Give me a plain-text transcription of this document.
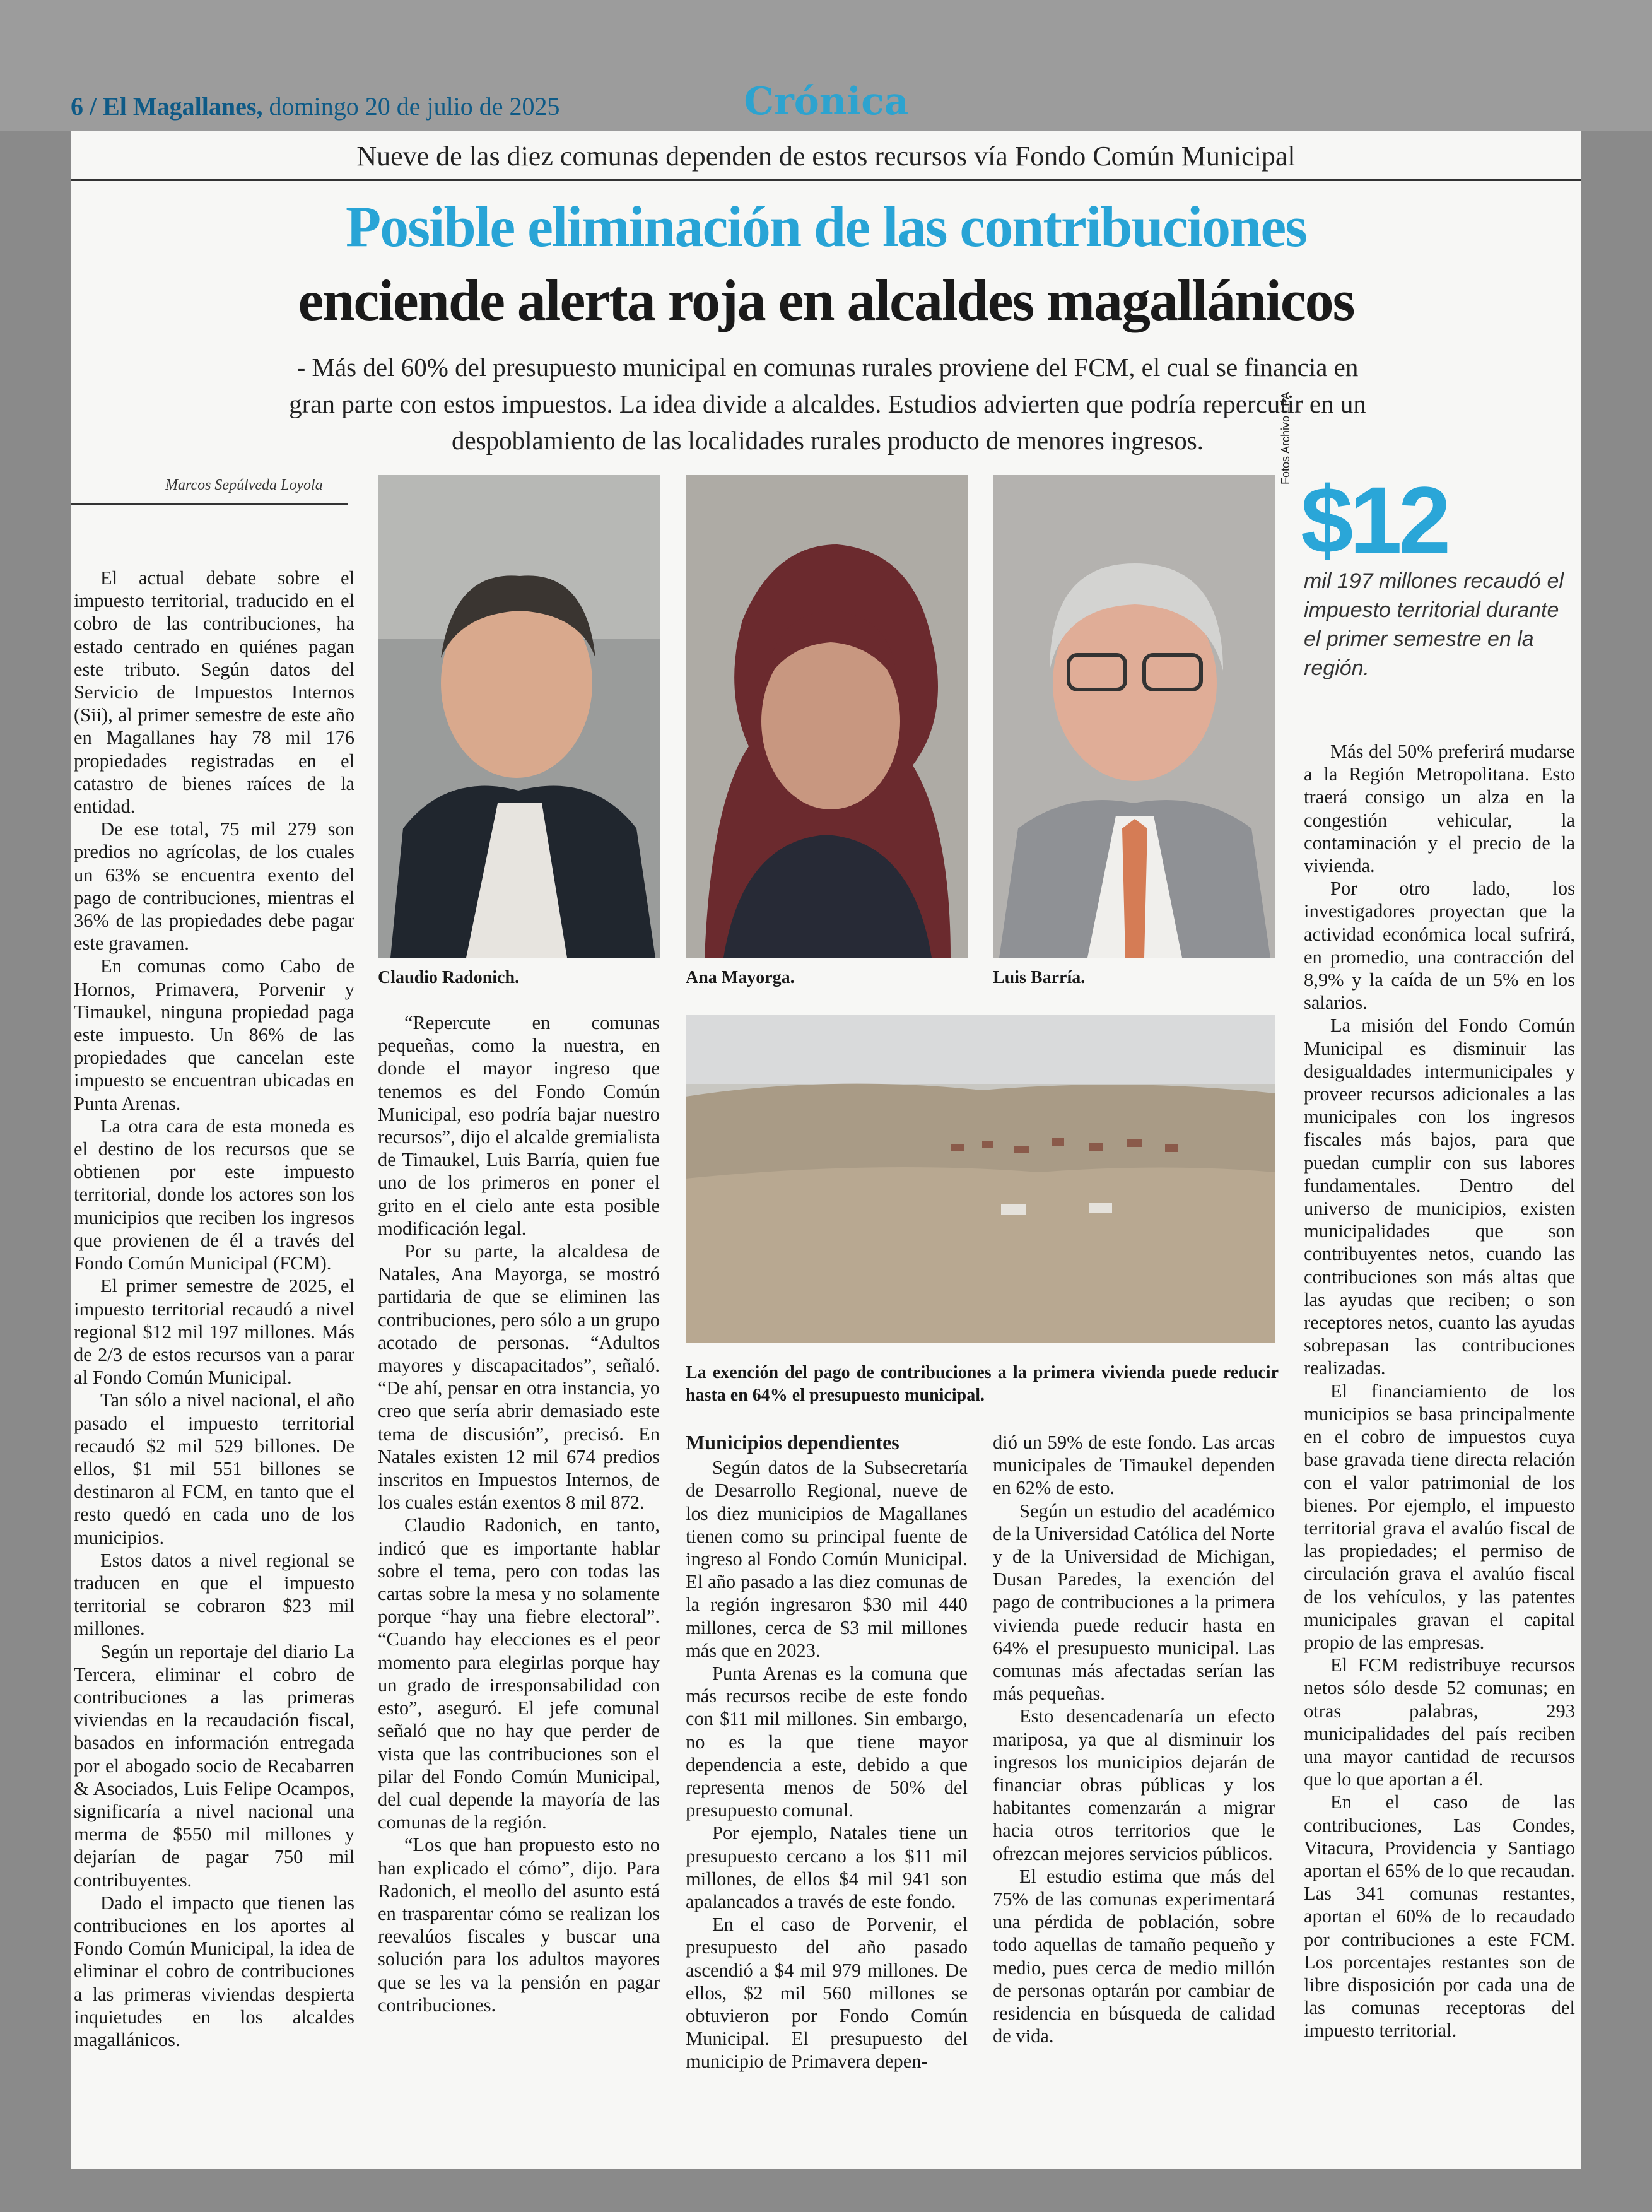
6 / El Magallanes, domingo 20 de julio de 2025	Crónica
Nueve de las diez comunas dependen de estos recursos vía Fondo Común Municipal
Posible eliminación de las contribuciones
enciende alerta roja en alcaldes magallánicos
- Más del 60% del presupuesto municipal en comunas rurales proviene del FCM, el cual se financia en gran parte con estos impuestos. La idea divide a alcaldes. Estudios advierten que podría repercutir en un despoblamiento de las localidades rurales producto de menores ingresos.
Marcos Sepúlveda Loyola

El actual debate sobre el impuesto territorial, traducido en el cobro de las contribuciones, ha estado centrado en quiénes pagan este tributo. Según datos del Servicio de Impuestos Internos (Sii), al primer semestre de este año en Magallanes hay 78 mil 176 propiedades registradas en el catastro de bienes raíces de la entidad.

De ese total, 75 mil 279 son predios no agrícolas, de los cuales un 63% se encuentra exento del pago de contribuciones, mientras el 36% de las propiedades debe pagar este gravamen.

En comunas como Cabo de Hornos, Primavera, Porvenir y Timaukel, ninguna propiedad paga este impuesto. Un 86% de las propiedades que cancelan este impuesto se encuentran ubicadas en Punta Arenas.

La otra cara de esta moneda es el destino de los recursos que se obtienen por este impuesto territorial, donde los actores son los municipios que reciben los ingresos que provienen de él a través del Fondo Común Municipal (FCM).

El primer semestre de 2025, el impuesto territorial recaudó a nivel regional $12 mil 197 millones. Más de 2/3 de estos recursos van a parar al Fondo Común Municipal.

Tan sólo a nivel nacional, el año pasado el impuesto territorial recaudó $2 mil 529 billones. De ellos, $1 mil 551 billones se destinaron al FCM, en tanto que el resto quedó en cada uno de los municipios.

Estos datos a nivel regional se traducen en que el impuesto territorial se cobraron $23 mil millones.

Según un reportaje del diario La Tercera, eliminar el cobro de contribuciones a las primeras viviendas en la recaudación fiscal, basados en información entregada por el abogado socio de Recabarren & Asociados, Luis Felipe Ocampos, significaría a nivel nacional una merma de $550 mil millones y dejarían de pagar 750 mil contribuyentes.

Dado el impacto que tienen las contribuciones en los aportes al Fondo Común Municipal, la idea de eliminar el cobro de contribuciones a las primeras viviendas despierta inquietudes en los alcaldes magallánicos.

Claudio Radonich.	Ana Mayorga.	Luis Barría.
Fotos Archivo LPA
$12
mil 197 millones recaudó el impuesto territorial durante el primer semestre en la región.

“Repercute en comunas pequeñas, como la nuestra, en donde el mayor ingreso que tenemos es del Fondo Común Municipal, eso podría bajar nuestro recursos”, dijo el alcalde gremialista de Timaukel, Luis Barría, quien fue uno de los primeros en poner el grito en el cielo ante esta posible modificación legal.

Por su parte, la alcaldesa de Natales, Ana Mayorga, se mostró partidaria de que se eliminen las contribuciones, pero sólo a un grupo acotado de personas. “Adultos mayores y discapacitados”, señaló. “De ahí, pensar en otra instancia, yo creo que sería abrir demasiado este tema de discusión”, precisó. En Natales existen 12 mil 674 predios inscritos en Impuestos Internos, de los cuales están exentos 8 mil 872.

Claudio Radonich, en tanto, indicó que es importante hablar sobre el tema, pero con todas las cartas sobre la mesa y no solamente porque “hay una fiebre electoral”. “Cuando hay elecciones es el peor momento para elegirlas porque hay un grado de irresponsabilidad con esto”, aseguró. El jefe comunal señaló que no hay que perder de vista que las contribuciones son el pilar del Fondo Común Municipal, del cual depende la mayoría de las comunas de la región.

“Los que han propuesto esto no han explicado el cómo”, dijo. Para Radonich, el meollo del asunto está en trasparentar cómo se realizan los reevalúos fiscales y buscar una solución para los adultos mayores que se les va la pensión en pagar contribuciones.

La exención del pago de contribuciones a la primera vivienda puede reducir hasta en 64% el presupuesto municipal.
Municipios dependientes

Según datos de la Subsecretaría de Desarrollo Regional, nueve de los diez municipios de Magallanes tienen como su principal fuente de ingreso al Fondo Común Municipal. El año pasado a las diez comunas de la región ingresaron $30 mil 440 millones, cerca de $3 mil millones más que en 2023.

Punta Arenas es la comuna que más recursos recibe de este fondo con $11 mil millones. Sin embargo, no es la que tiene mayor dependencia a este, debido a que representa menos de 50% del presupuesto comunal.

Por ejemplo, Natales tiene un presupuesto cercano a los $11 mil millones, de ellos $4 mil 941 son apalancados a través de este fondo.

En el caso de Porvenir, el presupuesto del año pasado ascendió a $4 mil 979 millones. De ellos, $2 mil 560 millones se obtuvieron por Fondo Común Municipal. El presupuesto del municipio de Primavera depen-

dió un 59% de este fondo. Las arcas municipales de Timaukel dependen en 62% de esto.

Según un estudio del académico de la Universidad Católica del Norte y de la Universidad de Michigan, Dusan Paredes, la exención del pago de contribuciones a la primera vivienda puede reducir hasta en 64% el presupuesto municipal. Las comunas más afectadas serían las más pequeñas.

Esto desencadenaría un efecto mariposa, ya que al disminuir los ingresos los municipios dejarán de financiar obras públicas y los habitantes comenzarán a migrar hacia otros territorios que le ofrezcan mejores servicios públicos.

El estudio estima que más del 75% de las comunas experimentará una pérdida de población, sobre todo aquellas de tamaño pequeño y medio, pues cerca de medio millón de personas optarán por cambiar de residencia en búsqueda de calidad de vida.

Más del 50% preferirá mudarse a la Región Metropolitana. Esto traerá consigo un alza en la congestión vehicular, la contaminación y el precio de la vivienda.

Por otro lado, los investigadores proyectan que la actividad económica local sufrirá, en promedio, una contracción del 8,9% y la caída de un 5% en los salarios.

La misión del Fondo Común Municipal es disminuir las desigualdades intermunicipales y proveer recursos adicionales a las municipales con los ingresos fiscales más bajos, para que puedan cumplir con sus labores fundamentales. Dentro del universo de municipios, existen municipalidades que son contribuyentes netos, cuando las contribuciones son más altas que las ayudas que reciben; o son receptores netos, cuanto las ayudas sobrepasan las contribuciones realizadas.

El financiamiento de los municipios se basa principalmente en el cobro de impuestos cuya base gravada tiene directa relación con el valor patrimonial de los bienes. Por ejemplo, el impuesto territorial grava el avalúo fiscal de las propiedades; el permiso de circulación grava el avalúo fiscal de los vehículos, y las patentes municipales gravan el capital propio de las empresas.

El FCM redistribuye recursos netos sólo desde 52 comunas; en otras palabras, 293 municipalidades del país reciben una mayor cantidad de recursos que lo que aportan a él.

En el caso de las contribuciones, Las Condes, Vitacura, Providencia y Santiago aportan el 65% de lo que recaudan. Las 341 comunas restantes, aportan el 60% de lo recaudado por contribuciones a este FCM. Los porcentajes restantes son de libre disposición por cada una de las comunas receptoras del impuesto territorial.
